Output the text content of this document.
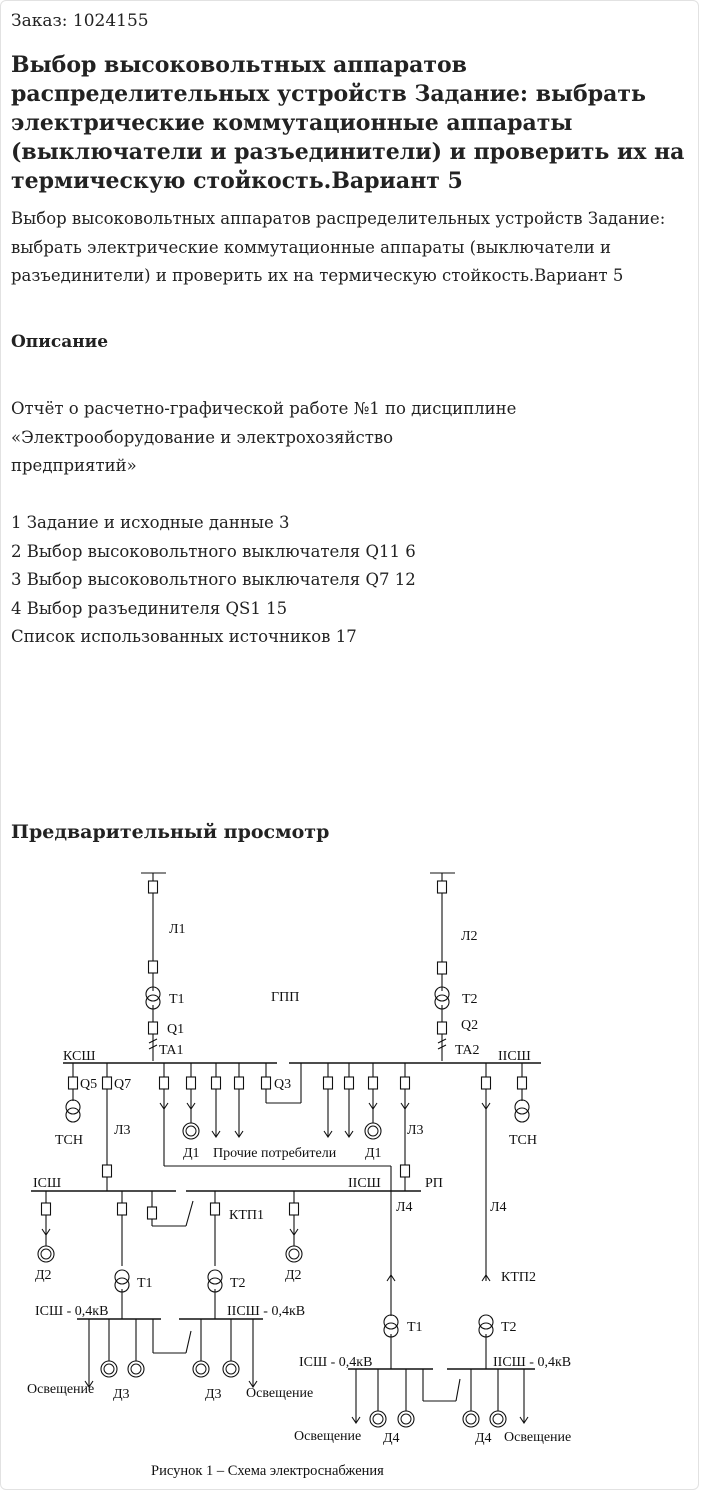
Заказ: 1024155
Выбор высоковольтных аппаратов распределительных устройств Задание: выбрать электрические коммутационные аппараты (выключатели и разъединители) и проверить их на термическую стойкость.Вариант 5
Выбор высоковольтных аппаратов распределительных устройств Задание: выбрать электрические коммутационные аппараты (выключатели и разъединители) и проверить их на термическую стойкость.Вариант 5
Описание
Отчёт о расчетно-графической работе №1 по дисциплине
«Электрооборудование и электрохозяйство
предприятий»
1 Задание и исходные данные 3
2 Выбор высоковольтного выключателя Q11 6
3 Выбор высоковольтного выключателя Q7 12
4 Выбор разъединителя QS1 15
Список использованных источников 17
Предварительный просмотр
Л1	Л2
Т1	Т2
ГПП
Q1	Q2
TA1	TA2
КСШ	IIСШ
Q5 Q7	Q3
ТСН	ТСН
Л3	Л3
Д1 Прочие потребители Д1
IСШ	IIСШ	РП
Л4	Л4
КТП1
КТП2
Д2	Д2
Т1	Т2
Т1	Т2
IСШ - 0,4кВ	IIСШ - 0,4кВ
IСШ - 0,4кВ	IIСШ - 0,4кВ
Освещение Д3	Д3 Освещение
Освещение Д4	Д4 Освещение
Рисунок 1 – Схема электроснабжения
